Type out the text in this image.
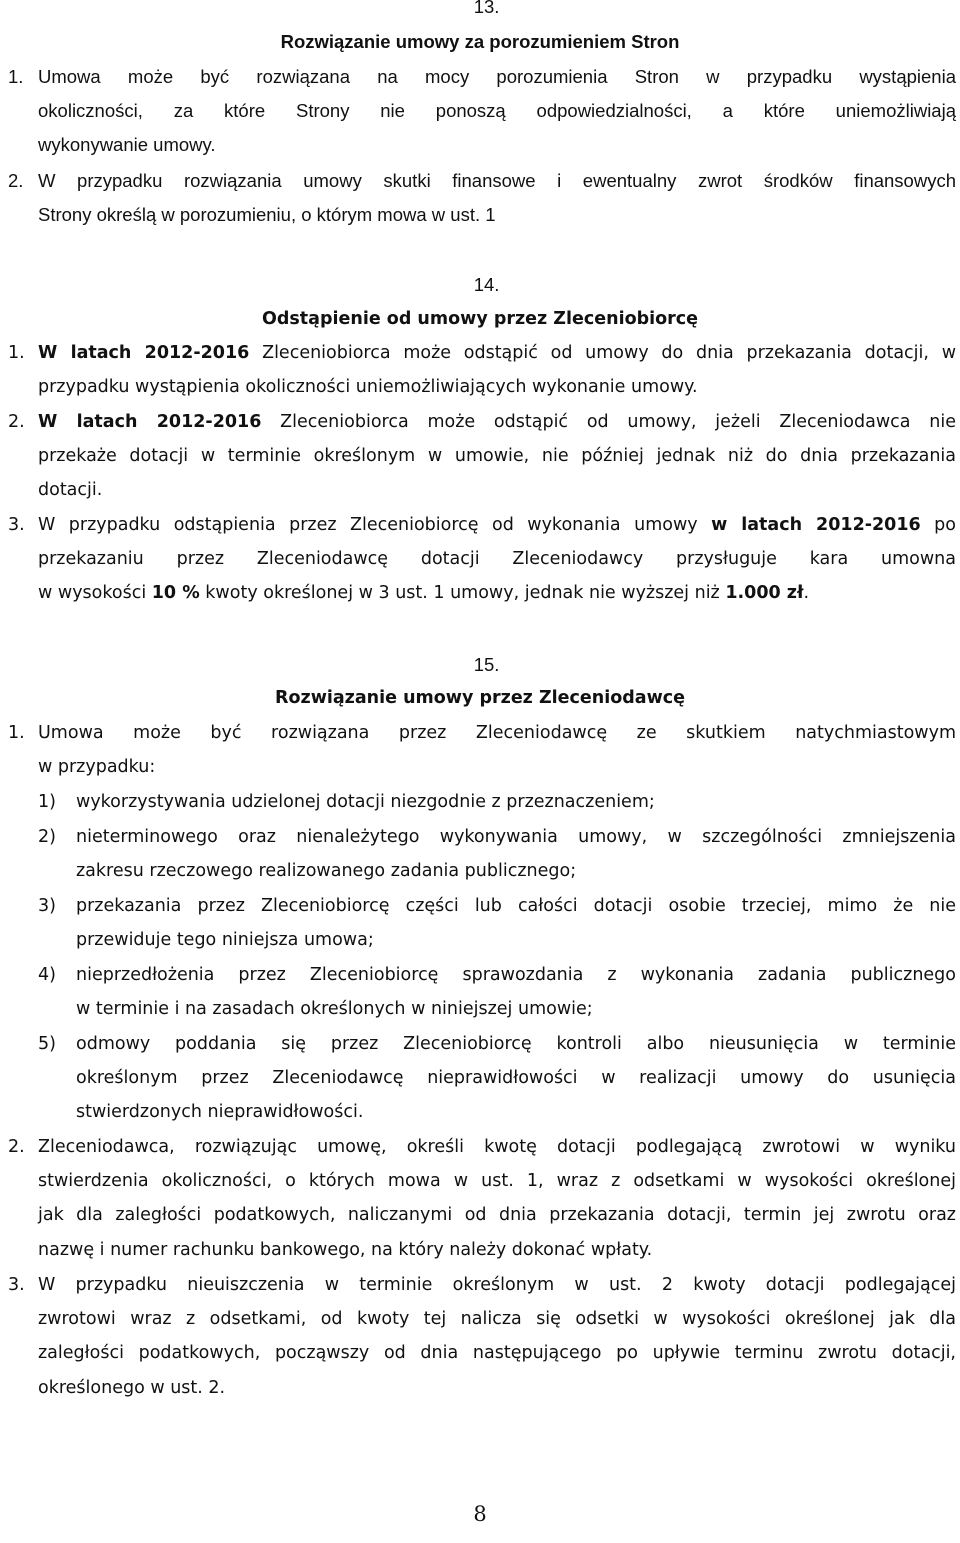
13.
Rozwiązanie umowy za porozumieniem Stron
1. Umowa może być rozwiązana na mocy porozumienia Stron w przypadku wystąpienia
okoliczności, za które Strony nie ponoszą odpowiedzialności, a które uniemożliwiają
wykonywanie umowy.
2. W przypadku rozwiązania umowy skutki finansowe i ewentualny zwrot środków finansowych
Strony określą w porozumieniu, o którym mowa w ust. 1
14.
Odstąpienie od umowy przez Zleceniobiorcę
1. W latach 2012-2016 Zleceniobiorca może odstąpić od umowy do dnia przekazania dotacji, w
przypadku wystąpienia okoliczności uniemożliwiających wykonanie umowy.
2. W latach 2012-2016 Zleceniobiorca może odstąpić od umowy, jeżeli Zleceniodawca nie
przekaże dotacji w terminie określonym w umowie, nie później jednak niż do dnia przekazania
dotacji.
3. W przypadku odstąpienia przez Zleceniobiorcę od wykonania umowy w latach 2012-2016 po
przekazaniu przez Zleceniodawcę dotacji Zleceniodawcy przysługuje kara umowna
w wysokości 10 % kwoty określonej w 3 ust. 1 umowy, jednak nie wyższej niż 1.000 zł.
15.
Rozwiązanie umowy przez Zleceniodawcę
1. Umowa może być rozwiązana przez Zleceniodawcę ze skutkiem natychmiastowym
w przypadku:
1) wykorzystywania udzielonej dotacji niezgodnie z przeznaczeniem;
2) nieterminowego oraz nienależytego wykonywania umowy, w szczególności zmniejszenia
zakresu rzeczowego realizowanego zadania publicznego;
3) przekazania przez Zleceniobiorcę części lub całości dotacji osobie trzeciej, mimo że nie
przewiduje tego niniejsza umowa;
4) nieprzedłożenia przez Zleceniobiorcę sprawozdania z wykonania zadania publicznego
w terminie i na zasadach określonych w niniejszej umowie;
5) odmowy poddania się przez Zleceniobiorcę kontroli albo nieusunięcia w terminie
określonym przez Zleceniodawcę nieprawidłowości w realizacji umowy do usunięcia
stwierdzonych nieprawidłowości.
2. Zleceniodawca, rozwiązując umowę, określi kwotę dotacji podlegającą zwrotowi w wyniku
stwierdzenia okoliczności, o których mowa w ust. 1, wraz z odsetkami w wysokości określonej
jak dla zaległości podatkowych, naliczanymi od dnia przekazania dotacji, termin jej zwrotu oraz
nazwę i numer rachunku bankowego, na który należy dokonać wpłaty.
3. W przypadku nieuiszczenia w terminie określonym w ust. 2 kwoty dotacji podlegającej
zwrotowi wraz z odsetkami, od kwoty tej nalicza się odsetki w wysokości określonej jak dla
zaległości podatkowych, począwszy od dnia następującego po upływie terminu zwrotu dotacji,
określonego w ust. 2.
8
